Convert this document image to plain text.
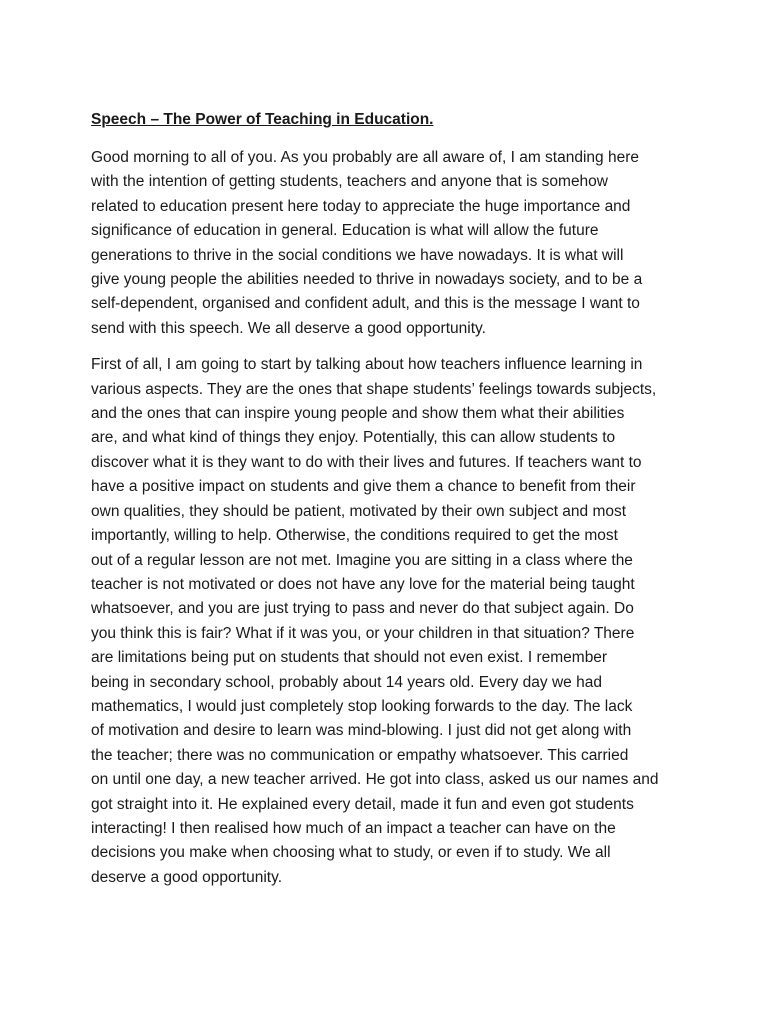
Speech – The Power of Teaching in Education.
Good morning to all of you. As you probably are all aware of, I am standing here
with the intention of getting students, teachers and anyone that is somehow
related to education present here today to appreciate the huge importance and
significance of education in general. Education is what will allow the future
generations to thrive in the social conditions we have nowadays. It is what will
give young people the abilities needed to thrive in nowadays society, and to be a
self-dependent, organised and confident adult, and this is the message I want to
send with this speech. We all deserve a good opportunity.
First of all, I am going to start by talking about how teachers influence learning in
various aspects. They are the ones that shape students’ feelings towards subjects,
and the ones that can inspire young people and show them what their abilities
are, and what kind of things they enjoy. Potentially, this can allow students to
discover what it is they want to do with their lives and futures. If teachers want to
have a positive impact on students and give them a chance to benefit from their
own qualities, they should be patient, motivated by their own subject and most
importantly, willing to help. Otherwise, the conditions required to get the most
out of a regular lesson are not met. Imagine you are sitting in a class where the
teacher is not motivated or does not have any love for the material being taught
whatsoever, and you are just trying to pass and never do that subject again. Do
you think this is fair? What if it was you, or your children in that situation? There
are limitations being put on students that should not even exist. I remember
being in secondary school, probably about 14 years old. Every day we had
mathematics, I would just completely stop looking forwards to the day. The lack
of motivation and desire to learn was mind-blowing. I just did not get along with
the teacher; there was no communication or empathy whatsoever. This carried
on until one day, a new teacher arrived. He got into class, asked us our names and
got straight into it. He explained every detail, made it fun and even got students
interacting! I then realised how much of an impact a teacher can have on the
decisions you make when choosing what to study, or even if to study. We all
deserve a good opportunity.
